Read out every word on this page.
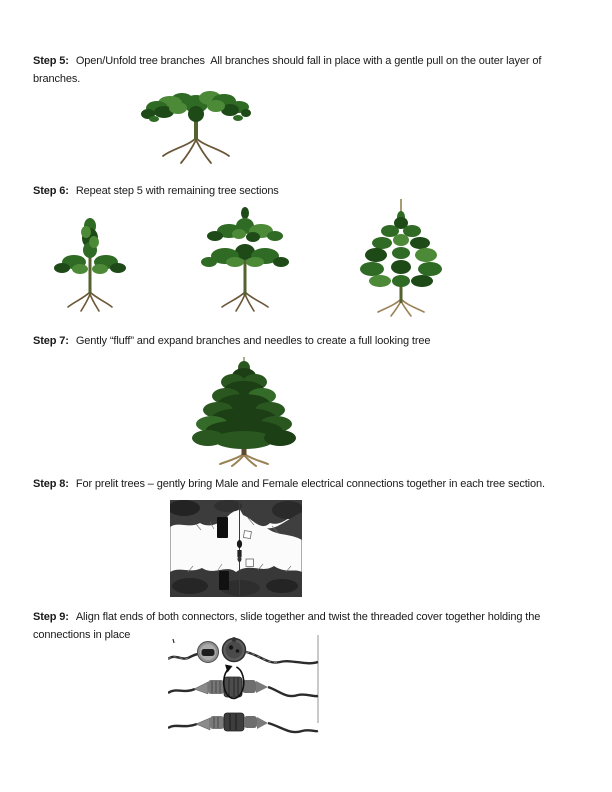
Step 5: Open/Unfold tree branches  All branches should fall in place with a gentle pull on the outer layer of branches.
Step 6: Repeat step 5 with remaining tree sections
Step 7: Gently “fluff” and expand branches and needles to create a full looking tree
Step 8: For prelit trees – gently bring Male and Female electrical connections together in each tree section.
Step 9: Align flat ends of both connectors, slide together and twist the threaded cover together holding the connections in place
